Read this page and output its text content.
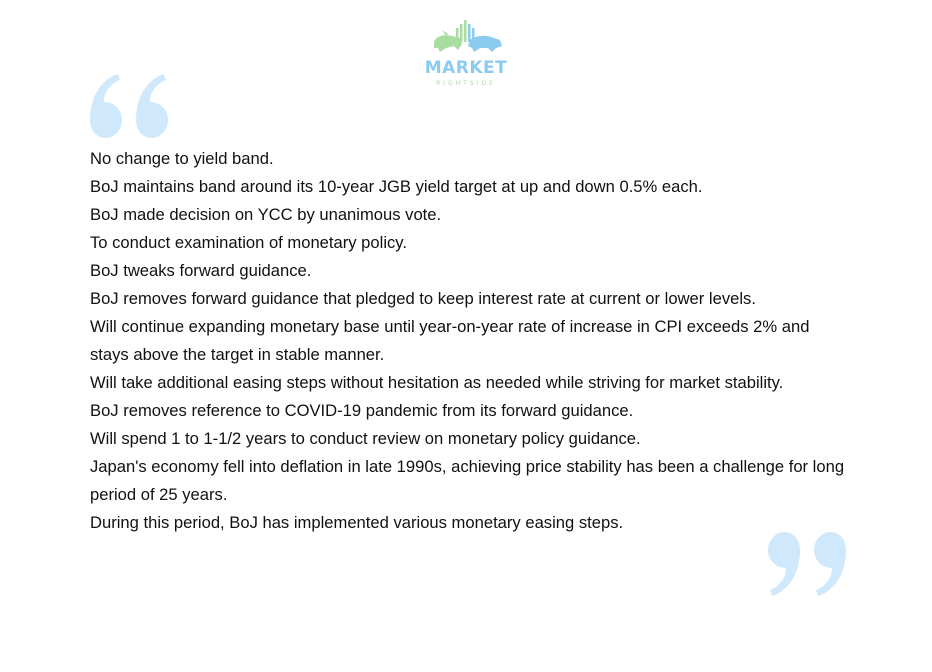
MARKET
RIGHTSIDE
No change to yield band.
BoJ maintains band around its 10-year JGB yield target at up and down 0.5% each.
BoJ made decision on YCC by unanimous vote.
To conduct examination of monetary policy.
BoJ tweaks forward guidance.
BoJ removes forward guidance that pledged to keep interest rate at current or lower levels.
Will continue expanding monetary base until year-on-year rate of increase in CPI exceeds 2% and stays above the target in stable manner.
Will take additional easing steps without hesitation as needed while striving for market stability.
BoJ removes reference to COVID-19 pandemic from its forward guidance.
Will spend 1 to 1-1/2 years to conduct review on monetary policy guidance.
Japan's economy fell into deflation in late 1990s, achieving price stability has been a challenge for long period of 25 years.
During this period, BoJ has implemented various monetary easing steps.
